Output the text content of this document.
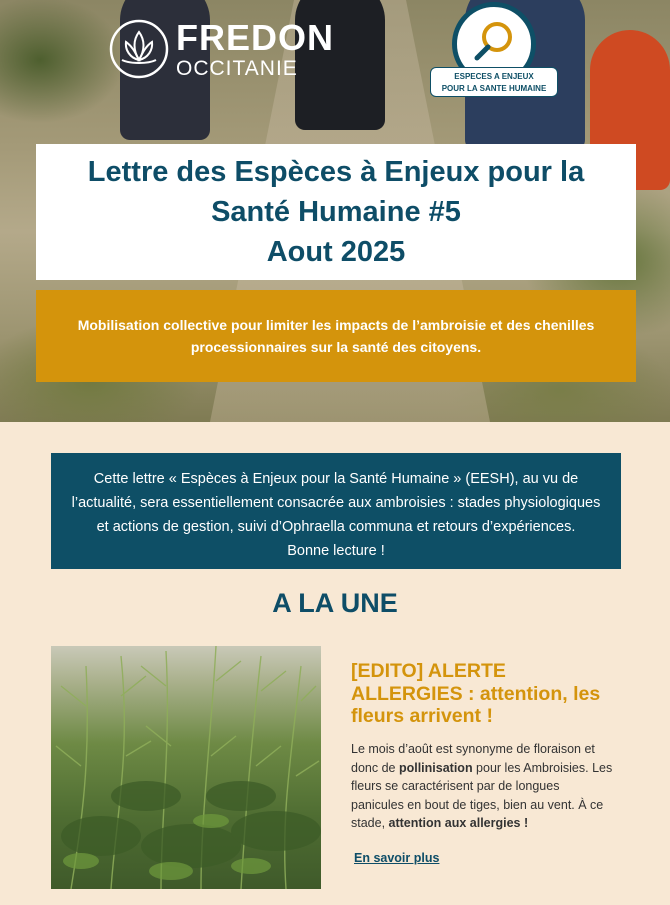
FREDON
OCCITANIE	ESPECES A ENJEUX
POUR LA SANTE HUMAINE
Lettre des Espèces à Enjeux pour la
Santé Humaine #5
Aout 2025
Mobilisation collective pour limiter les impacts de l’ambroisie et des chenilles
processionnaires sur la santé des citoyens.
Cette lettre « Espèces à Enjeux pour la Santé Humaine » (EESH), au vu de
l’actualité, sera essentiellement consacrée aux ambroisies : stades physiologiques
et actions de gestion, suivi d’Ophraella communa et retours d’expériences.
Bonne lecture !
A LA UNE
[EDITO] ALERTE
ALLERGIES : attention, les
fleurs arrivent !
Le mois d’août est synonyme de floraison et
donc de pollinisation pour les Ambroisies. Les
fleurs se caractérisent par de longues
panicules en bout de tiges, bien au vent. À ce
stade, attention aux allergies !
En savoir plus
